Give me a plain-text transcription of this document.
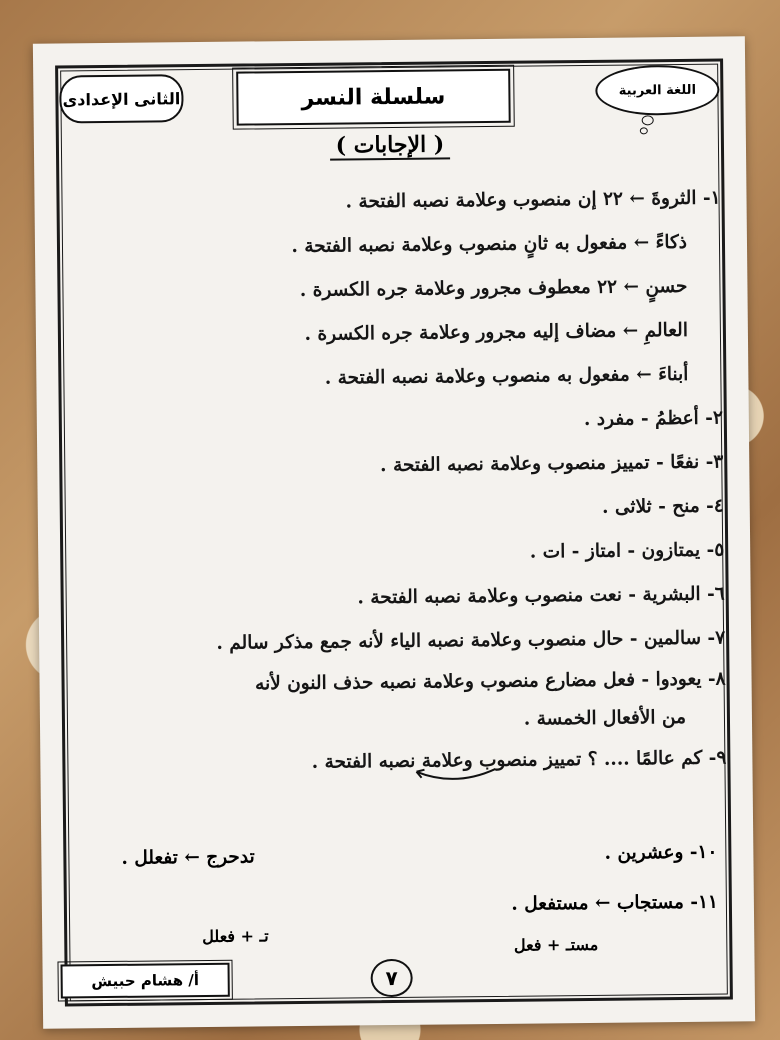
الثانى الإعدادى	سلسلة النسر	اللغة العربية
( الإجابات )
١- الثروةَ ← ٢٢ إن منصوب وعلامة نصبه الفتحة .
ذكاءً ← مفعول به ثانٍ منصوب وعلامة نصبه الفتحة .
حسنٍ ← ٢٢ معطوف مجرور وعلامة جره الكسرة .
العالمِ ← مضاف إليه مجرور وعلامة جره الكسرة .
أبناءَ ← مفعول به منصوب وعلامة نصبه الفتحة .
٢- أعظمُ - مفرد .
٣- نفعًا - تمييز منصوب وعلامة نصبه الفتحة .
٤- منح - ثلاثى .
٥- يمتازون - امتاز - ات .
٦- البشرية - نعت منصوب وعلامة نصبه الفتحة .
٧- سالمين - حال منصوب وعلامة نصبه الياء لأنه جمع مذكر سالم .
٨- يعودوا - فعل مضارع منصوب وعلامة نصبه حذف النون لأنه
من الأفعال الخمسة .
٩- كم عالمًا .... ؟ تمييز منصوب وعلامة نصبه الفتحة .
١٠- وعشرين .
تدحرج ← تفعلل .
١١- مستجاب ← مستفعل .
تـ + فعلل	مستـ + فعل
أ/ هشام حبيش	٧
